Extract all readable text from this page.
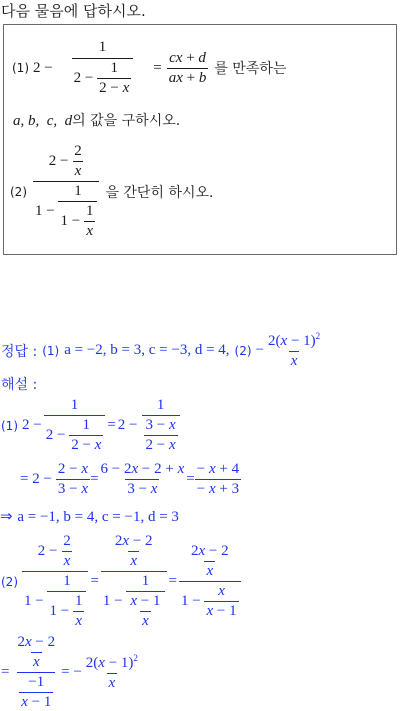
다음 물음에 답하시오.
(1) $2 - \frac{1}{2 - \frac{1}{2 - x}} = \frac{cx + d}{ax + b}$ 를 만족하는
a, b,  c,  d의 값을 구하시오.
$(2) \frac{2 - \frac{2}{x}}{1 - \frac{1}{1 - \frac{1}{x}}}$ 을 간단히 하시오.
정답 : (1) a = −2, b = 3, c = −3, d = 4, $(2) - \frac{2(x - 1)^2}{x}$
해설 :
(1) $2 - \frac{1}{2 - \frac{1}{2 - x}} = 2 - \frac{1}{\frac{3 - x}{2 - x}}$
= $2 - \frac{2 - x}{3 - x} = \frac{6 - 2x - 2 + x}{3 - x} = \frac{- x + 4}{- x + 3}$
⇒ a = −1, b = 4, c = −1, d = 3
$(2) \frac{2 - \frac{2}{x}}{1 - \frac{1}{1 - \frac{1}{x}}} = \frac{\frac{2x - 2}{x}}{1 - \frac{1}{\frac{x - 1}{x}}} = \frac{\frac{2x - 2}{x}}{1 - \frac{x}{x - 1}}$
= $\frac{\frac{2x - 2}{x}}{\frac{-1}{x - 1}}$ = − $\frac{2(x - 1)^2}{x}$
